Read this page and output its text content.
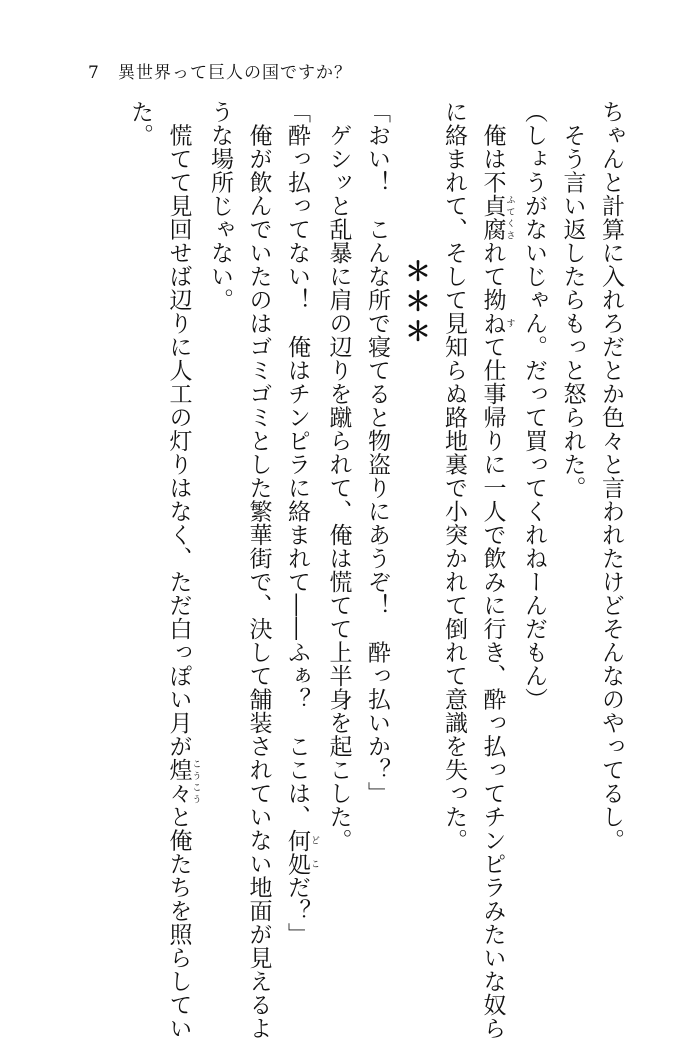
7 異世界って巨人の国ですか？
ちゃんと計算に入れろだとか色々と言われたけどそんなのやってるし。
　そう言い返したらもっと怒られた。
（しょうがないじゃん。だって買ってくれねーんだもん）
　俺は不貞腐 ふてくされて拗ね すて仕事帰りに一人で飲みに行き、酔っ払ってチンピラみたいな奴ら
に絡まれて、そして見知らぬ路地裏で小突かれて倒れて意識を失った。
＊＊＊
「おい！　こんな所で寝てると物盗りにあうぞ！　酔っ払いか？」
　ゲシッと乱暴に肩の辺りを蹴られて、俺は慌てて上半身を起こした。
「酔っ払ってない！　俺はチンピラに絡まれて――ふぁ？　ここは、何処 どこだ？」
　俺が飲んでいたのはゴミゴミとした繁華街で、決して舗装されていない地面が見えるよ
うな場所じゃない。
　慌てて見回せば辺りに人工の灯りはなく、ただ白っぽい月が煌々 こうこうと俺たちを照らしてい
た。
